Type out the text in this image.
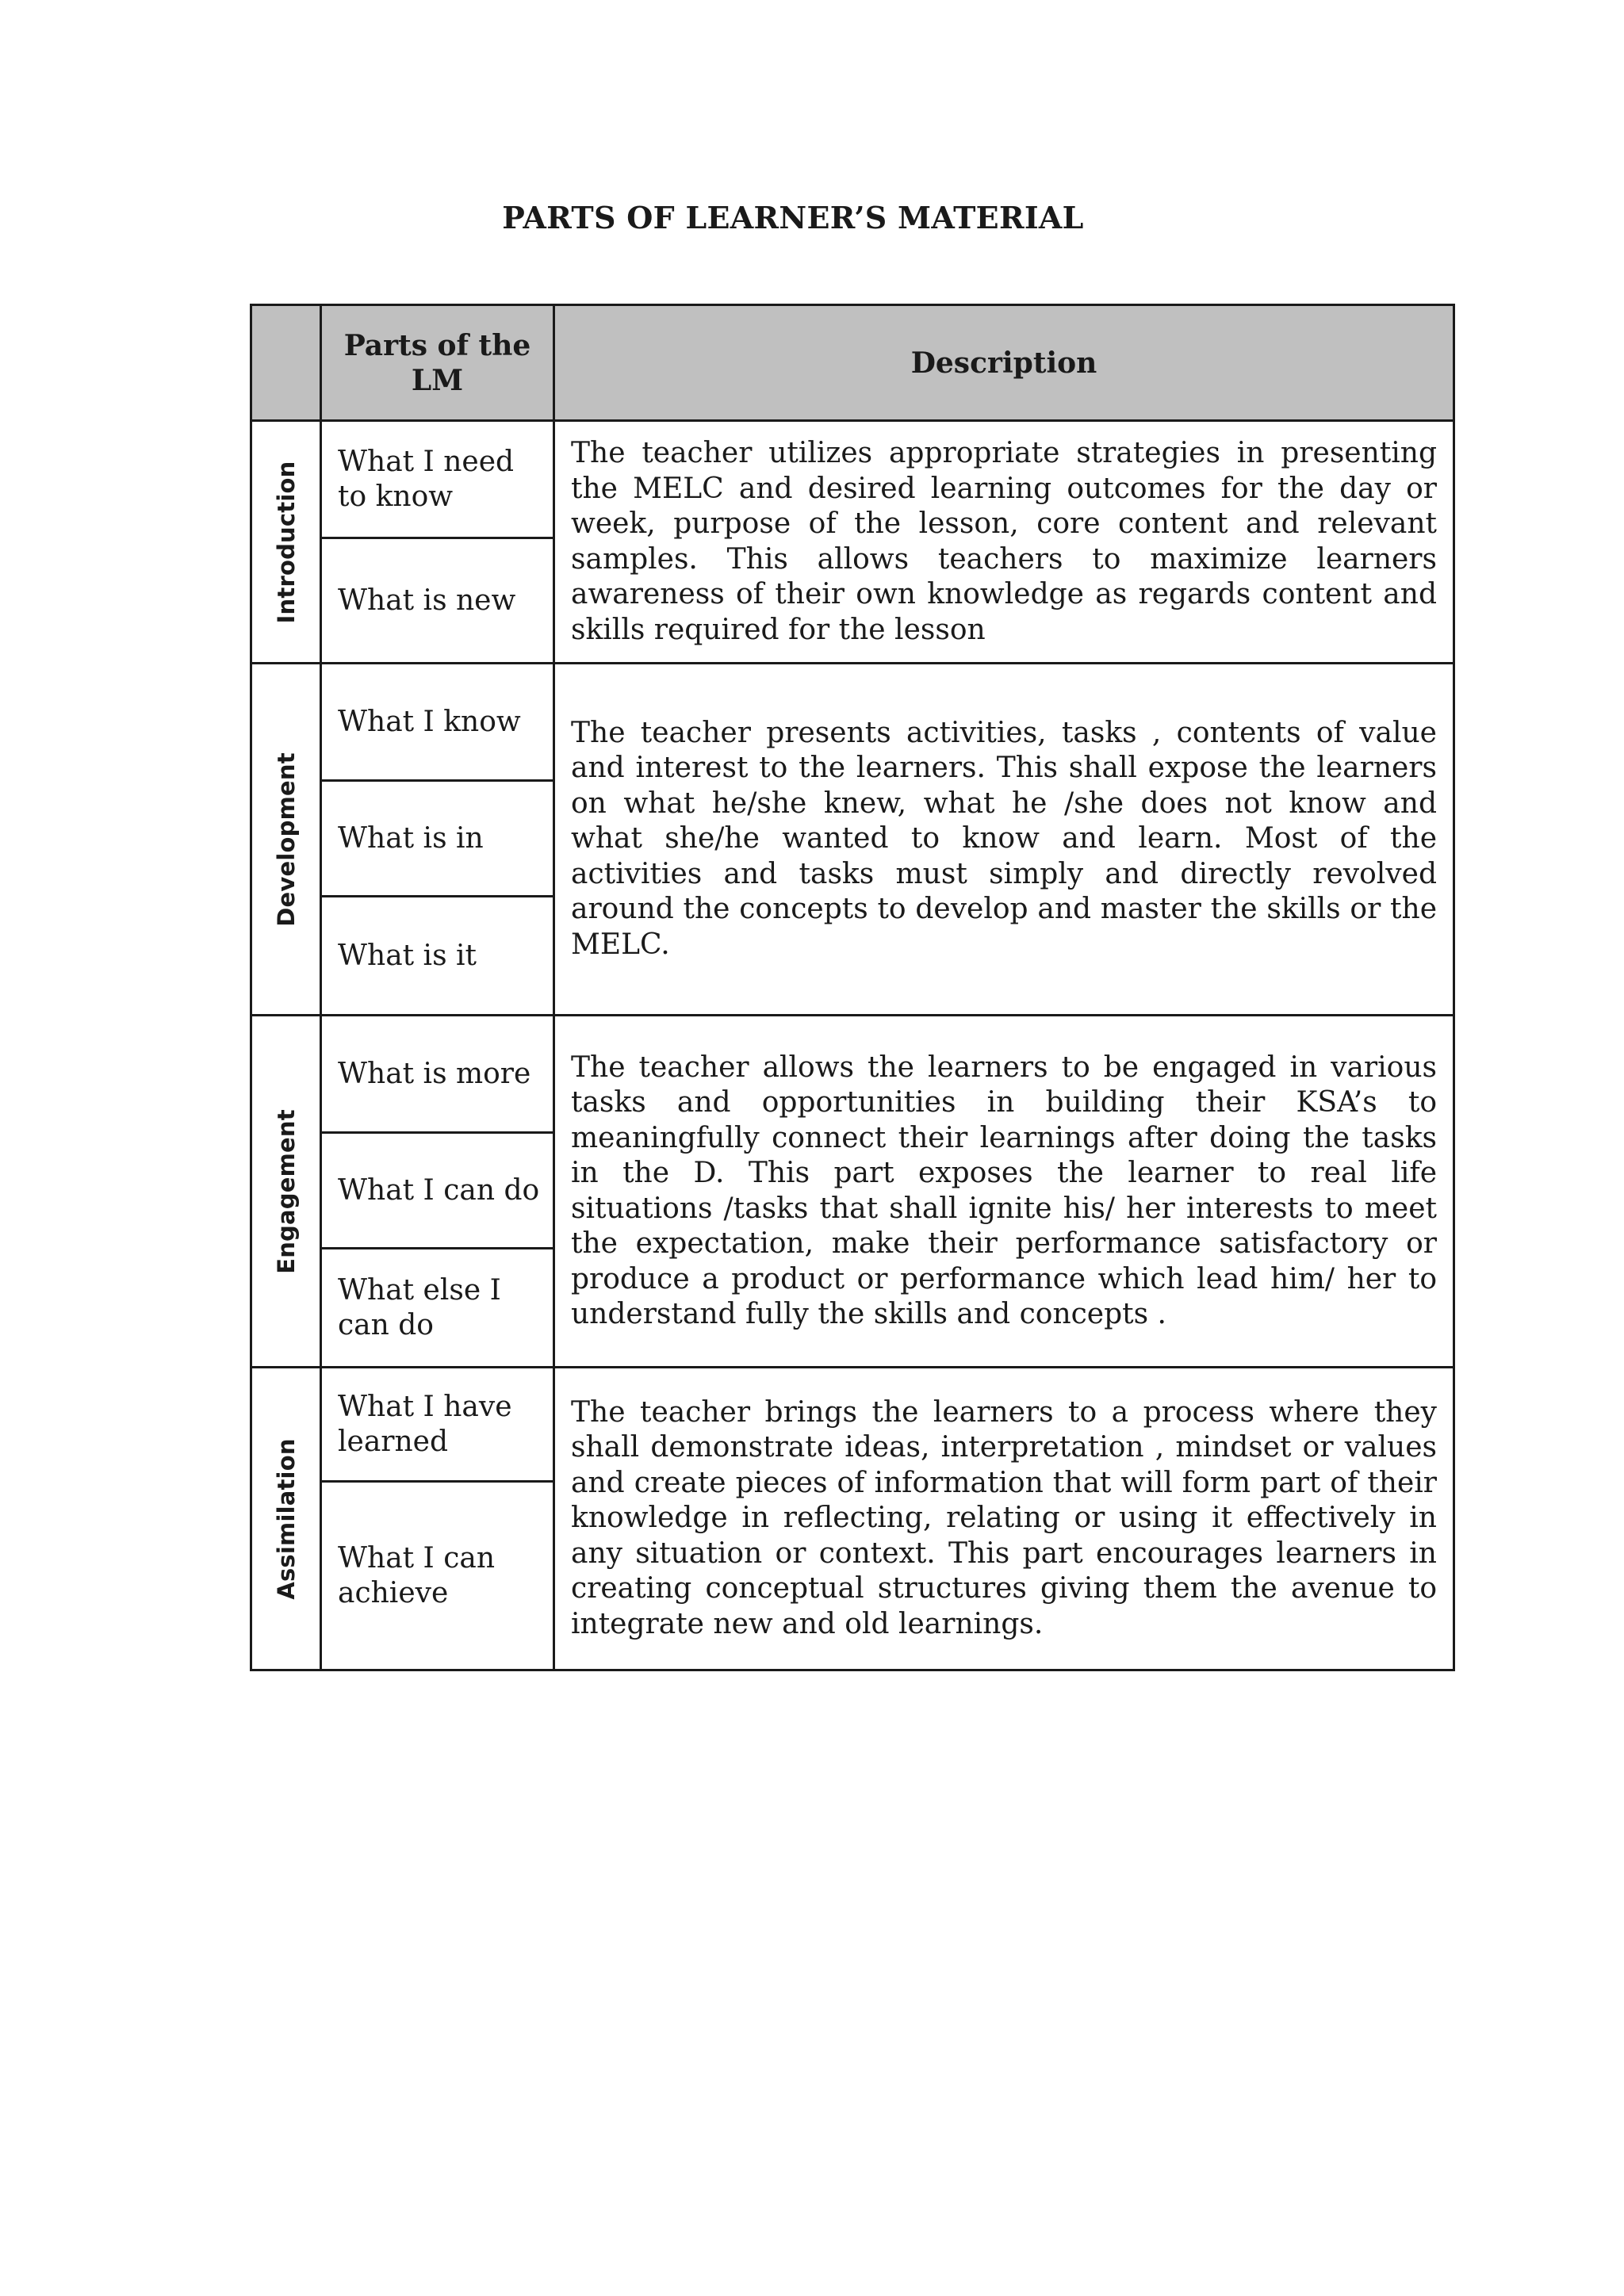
PARTS OF LEARNER’S MATERIAL
	Parts of the LM	Description

Introduction	What I need to know	The teacher utilizes appropriate strategies in presenting the MELC and desired learning outcomes for the day or week, purpose of the lesson, core content and relevant samples. This allows teachers to maximize learners awareness of their own knowledge as regards content and skills required for the lesson
	What is new	

Development	What I know	The teacher presents activities, tasks , contents of value and interest to the learners. This shall expose the learners on what he/she knew, what he /she does not know and what she/he wanted to know and learn. Most of the activities and tasks must simply and directly revolved around the concepts to develop and master the skills or the MELC.
	What is in	
	What is it	

Engagement	What is more	The teacher allows the learners to be engaged in various tasks and opportunities in building their KSA’s to meaningfully connect their learnings after doing the tasks in the D. This part exposes the learner to real life situations /tasks that shall ignite his/ her interests to meet the expectation, make their performance satisfactory or produce a product or performance which lead him/ her to understand fully the skills and concepts .
	What I can do	
	What else I can do	

Assimilation	What I have learned	The teacher brings the learners to a process where they shall demonstrate ideas, interpretation , mindset or values and create pieces of information that will form part of their knowledge in reflecting, relating or using it effectively in any situation or context. This part encourages learners in creating conceptual structures giving them the avenue to integrate new and old learnings.
	What I can achieve	
